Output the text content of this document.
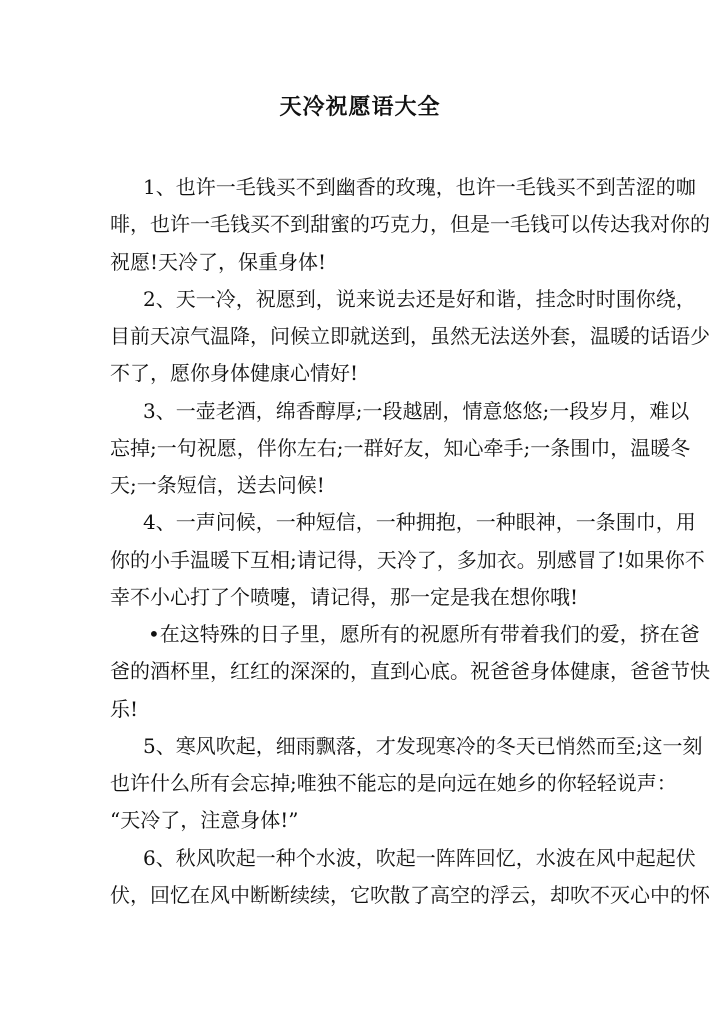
天冷祝愿语大全
1、也许一毛钱买不到幽香的玫瑰，也许一毛钱买不到苦涩的咖
啡，也许一毛钱买不到甜蜜的巧克力，但是一毛钱可以传达我对你的
祝愿!天冷了，保重身体!
2、天一冷，祝愿到，说来说去还是好和谐，挂念时时围你绕，
目前天凉气温降，问候立即就送到，虽然无法送外套，温暖的话语少
不了，愿你身体健康心情好!
3、一壶老酒，绵香醇厚;一段越剧，情意悠悠;一段岁月，难以
忘掉;一句祝愿，伴你左右;一群好友，知心牵手;一条围巾，温暖冬
天;一条短信，送去问候!
4、一声问候，一种短信，一种拥抱，一种眼神，一条围巾，用
你的小手温暖下互相;请记得，天冷了，多加衣。别感冒了!如果你不
幸不小心打了个喷嚏，请记得，那一定是我在想你哦!
•在这特殊的日子里，愿所有的祝愿所有带着我们的爱，挤在爸
爸的酒杯里，红红的深深的，直到心底。祝爸爸身体健康，爸爸节快
乐!
5、寒风吹起，细雨飘落，才发现寒冷的冬天已悄然而至;这一刻
也许什么所有会忘掉;唯独不能忘的是向远在她乡的你轻轻说声：
“天冷了，注意身体!”
6、秋风吹起一种个水波，吹起一阵阵回忆，水波在风中起起伏
伏，回忆在风中断断续续，它吹散了高空的浮云，却吹不灭心中的怀
